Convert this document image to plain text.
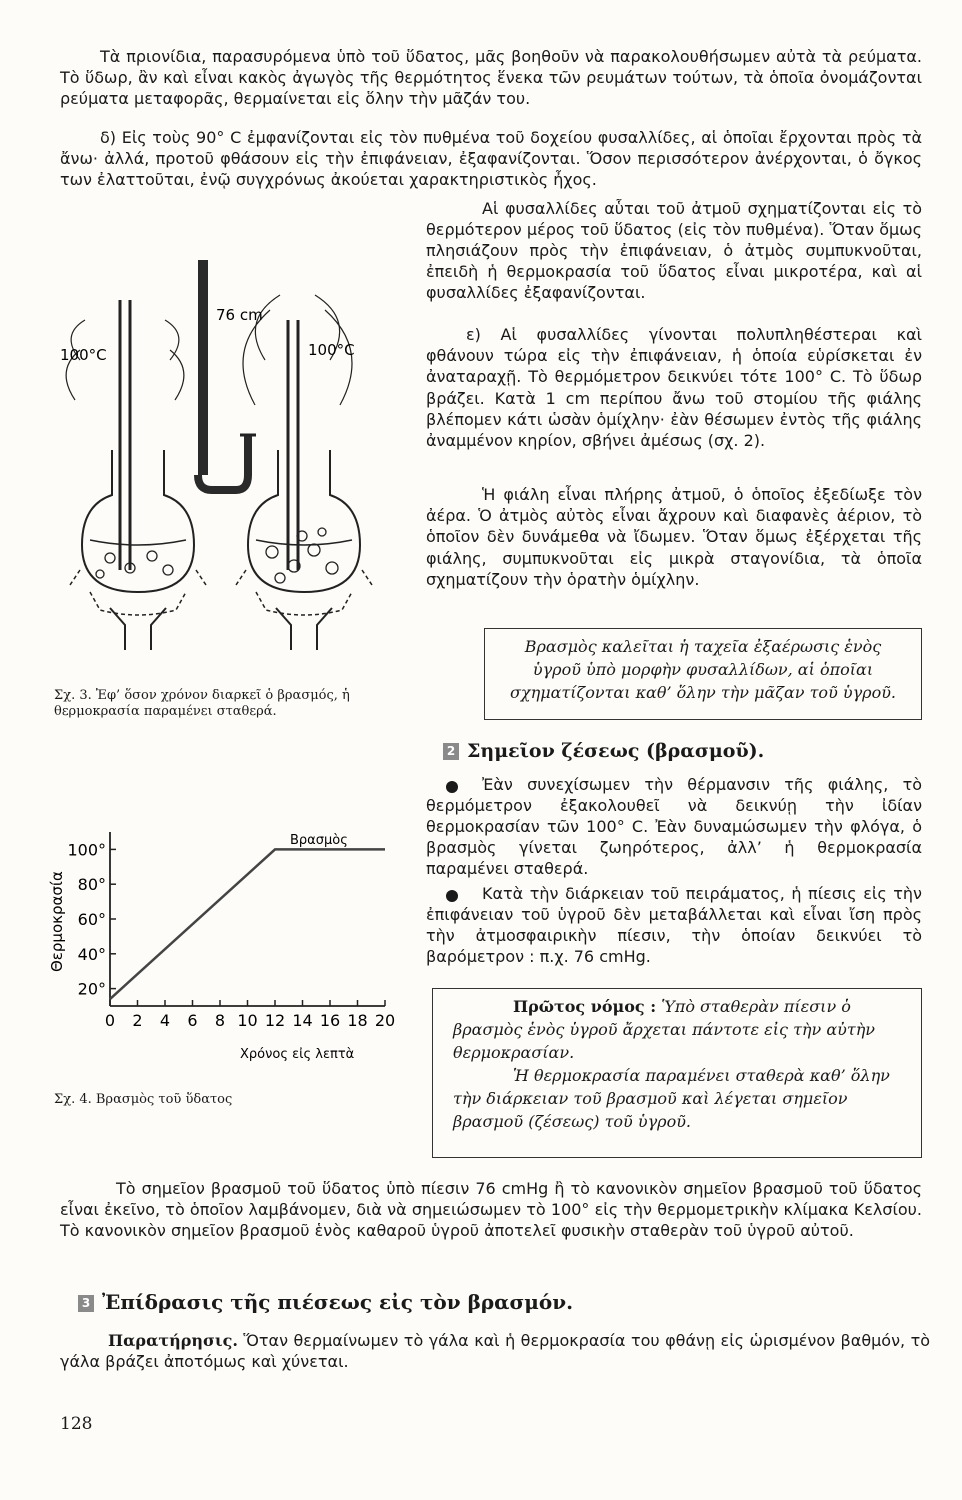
Τὰ πριονίδια, παρασυρόμενα ὑπὸ τοῦ ὕδατος, μᾶς βοηθοῦν νὰ παρακολουθήσωμεν αὐτὰ τὰ ρεύματα. Τὸ ὕδωρ, ἂν καὶ εἶναι κακὸς ἀγωγὸς τῆς θερμότητος ἕνεκα τῶν ρευμάτων τούτων, τὰ ὁποῖα ὀνομάζονται ρεύματα μεταφορᾶς, θερμαίνεται εἰς ὅλην τὴν μᾶζάν του.

δ) Εἰς τοὺς 90° C ἐμφανίζονται εἰς τὸν πυθμένα τοῦ δοχείου φυσαλλίδες, αἱ ὁποῖαι ἔρχονται πρὸς τὰ ἄνω· ἀλλά, προτοῦ φθάσουν εἰς τὴν ἐπιφάνειαν, ἐξαφανίζονται. Ὅσον περισσότερον ἀνέρχονται, ὁ ὄγκος των ἐλαττοῦται, ἐνῷ συγχρόνως ἀκούεται χαρακτηριστικὸς ἦχος.

100°C	100°C
76 cm
Σχ. 3. Ἐφ’ ὅσον χρόνον διαρκεῖ ὁ βρασμός, ἡ θερμοκρασία παραμένει σταθερά.
0 2 4 6 8 10 12 14 16 18 20
20°
40°
60°
80°
100°	Βρασμὸς
Χρόνος εἰς λεπτὰ
Θερμοκρασία
Σχ. 4. Βρασμὸς τοῦ ὕδατος

Αἱ φυσαλλίδες αὗται τοῦ ἀτμοῦ σχηματίζονται εἰς τὸ θερμότερον μέρος τοῦ ὕδατος (εἰς τὸν πυθμένα). Ὅταν ὅμως πλησιάζουν πρὸς τὴν ἐπιφάνειαν, ὁ ἀτμὸς συμπυκνοῦται, ἐπειδὴ ἡ θερμοκρασία τοῦ ὕδατος εἶναι μικροτέρα, καὶ αἱ φυσαλλίδες ἐξαφανίζονται.

ε) Αἱ φυσαλλίδες γίνονται πολυπληθέστεραι καὶ φθάνουν τώρα εἰς τὴν ἐπιφάνειαν, ἡ ὁποία εὑρίσκεται ἐν ἀναταραχῇ. Τὸ θερμόμετρον δεικνύει τότε 100° C. Τὸ ὕδωρ βράζει. Κατὰ 1 cm περίπου ἄνω τοῦ στομίου τῆς φιάλης βλέπομεν κάτι ὡσὰν ὁμίχλην· ἐὰν θέσωμεν ἐντὸς τῆς φιάλης ἀναμμένον κηρίον, σβήνει ἀμέσως (σχ. 2).

Ἡ φιάλη εἶναι πλήρης ἀτμοῦ, ὁ ὁποῖος ἐξεδίωξε τὸν ἀέρα. Ὁ ἀτμὸς αὐτὸς εἶναι ἄχρουν καὶ διαφανὲς ἀέριον, τὸ ὁποῖον δὲν δυνάμεθα νὰ ἴδωμεν. Ὅταν ὅμως ἐξέρχεται τῆς φιάλης, συμπυκνοῦται εἰς μικρὰ σταγονίδια, τὰ ὁποῖα σχηματίζουν τὴν ὁρατὴν ὁμίχλην.

Βρασμὸς καλεῖται ἡ ταχεῖα ἐξαέρωσις ἑνὸς ὑγροῦ ὑπὸ μορφὴν φυσαλλίδων, αἱ ὁποῖαι σχηματίζονται καθ’ ὅλην τὴν μᾶζαν τοῦ ὑγροῦ.
2 Σημεῖον ζέσεως (βρασμοῦ).

Ἐὰν συνεχίσωμεν τὴν θέρμανσιν τῆς φιάλης, τὸ θερμόμετρον ἐξακολουθεῖ νὰ δεικνύῃ τὴν ἰδίαν θερμοκρασίαν τῶν 100° C. Ἐὰν δυναμώσωμεν τὴν φλόγα, ὁ βρασμὸς γίνεται ζωηρότερος, ἀλλ’ ἡ θερμοκρασία παραμένει σταθερά.

Κατὰ τὴν διάρκειαν τοῦ πειράματος, ἡ πίεσις εἰς τὴν ἐπιφάνειαν τοῦ ὑγροῦ δὲν μεταβάλλεται καὶ εἶναι ἴση πρὸς τὴν ἀτμοσφαιρικὴν πίεσιν, τὴν ὁποίαν δεικνύει τὸ βαρόμετρον : π.χ. 76 cmHg.

Πρῶτος νόμος : Ὑπὸ σταθερὰν πίεσιν ὁ βρασμὸς ἑνὸς ὑγροῦ ἄρχεται πάντοτε εἰς τὴν αὐτὴν θερμοκρασίαν.
Ἡ θερμοκρασία παραμένει σταθερὰ καθ’ ὅλην τὴν διάρκειαν τοῦ βρασμοῦ καὶ λέγεται σημεῖον βρασμοῦ (ζέσεως) τοῦ ὑγροῦ.

Τὸ σημεῖον βρασμοῦ τοῦ ὕδατος ὑπὸ πίεσιν 76 cmHg ἢ τὸ κανονικὸν σημεῖον βρασμοῦ τοῦ ὕδατος εἶναι ἐκεῖνο, τὸ ὁποῖον λαμβάνομεν, διὰ νὰ σημειώσωμεν τὸ 100° εἰς τὴν θερμομετρικὴν κλίμακα Κελσίου. Τὸ κανονικὸν σημεῖον βρασμοῦ ἑνὸς καθαροῦ ὑγροῦ ἀποτελεῖ φυσικὴν σταθερὰν τοῦ ὑγροῦ αὐτοῦ.

3 Ἐπίδρασις τῆς πιέσεως εἰς τὸν βρασμόν.

Παρατήρησις. Ὅταν θερμαίνωμεν τὸ γάλα καὶ ἡ θερμοκρασία του φθάνῃ εἰς ὡρισμένον βαθμόν, τὸ γάλα βράζει ἀποτόμως καὶ χύνεται.

128
